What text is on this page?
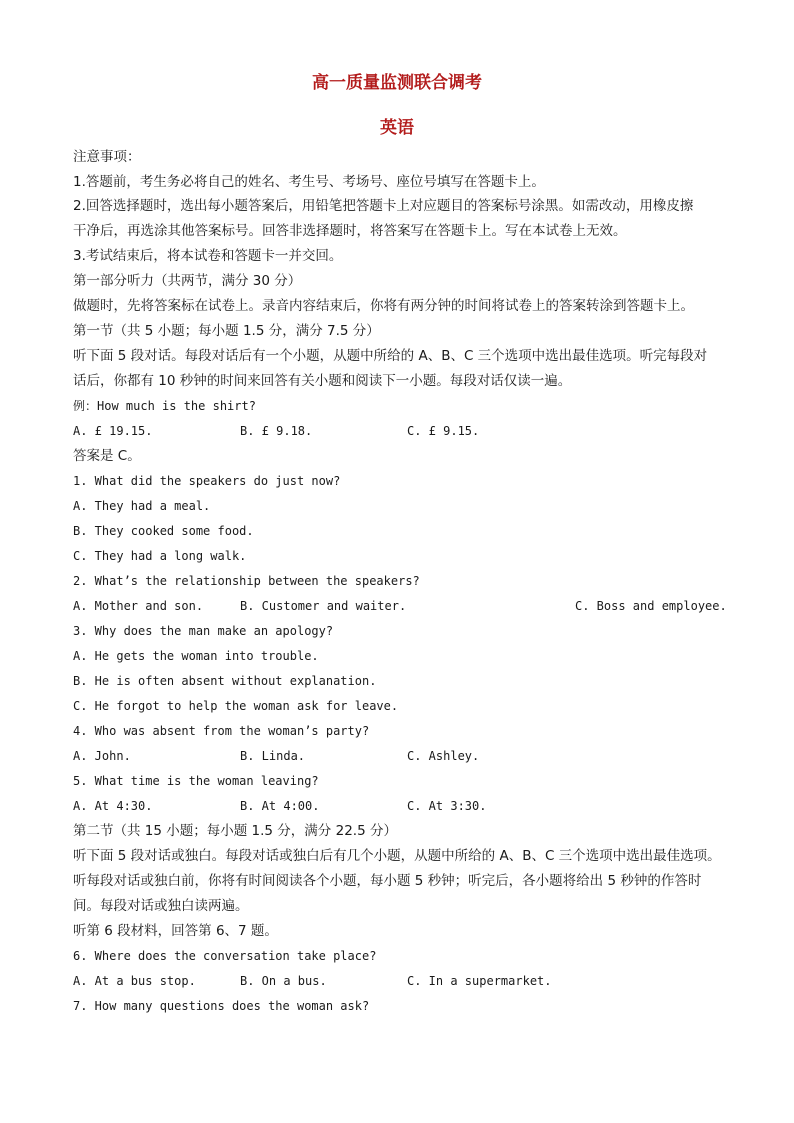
高一质量监测联合调考
英语
注意事项：
1.答题前，考生务必将自己的姓名、考生号、考场号、座位号填写在答题卡上。
2.回答选择题时，选出每小题答案后，用铅笔把答题卡上对应题目的答案标号涂黑。如需改动，用橡皮擦
干净后，再选涂其他答案标号。回答非选择题时，将答案写在答题卡上。写在本试卷上无效。
3.考试结束后，将本试卷和答题卡一并交回。
第一部分听力（共两节，满分 30 分）
做题时，先将答案标在试卷上。录音内容结束后，你将有两分钟的时间将试卷上的答案转涂到答题卡上。
第一节（共 5 小题；每小题 1.5 分，满分 7.5 分）
听下面 5 段对话。每段对话后有一个小题，从题中所给的 A、B、C 三个选项中选出最佳选项。听完每段对
话后，你都有 10 秒钟的时间来回答有关小题和阅读下一小题。每段对话仅读一遍。
例：How much is the shirt?
A. £ 19.15.	B. £ 9.18.	C. £ 9.15.
答案是 C。
1. What did the speakers do just now?
A. They had a meal.
B. They cooked some food.
C. They had a long walk.
2. What’s the relationship between the speakers?
A. Mother and son.	B. Customer and waiter.	C. Boss and employee.
3. Why does the man make an apology?
A. He gets the woman into trouble.
B. He is often absent without explanation.
C. He forgot to help the woman ask for leave.
4. Who was absent from the woman’s party?
A. John.	B. Linda.	C. Ashley.
5. What time is the woman leaving?
A. At 4:30.	B. At 4:00.	C. At 3:30.
第二节（共 15 小题；每小题 1.5 分，满分 22.5 分）
听下面 5 段对话或独白。每段对话或独白后有几个小题，从题中所给的 A、B、C 三个选项中选出最佳选项。
听每段对话或独白前，你将有时间阅读各个小题，每小题 5 秒钟；听完后，各小题将给出 5 秒钟的作答时
间。每段对话或独白读两遍。
听第 6 段材料，回答第 6、7 题。
6. Where does the conversation take place?
A. At a bus stop.	B. On a bus.	C. In a supermarket.
7. How many questions does the woman ask?
